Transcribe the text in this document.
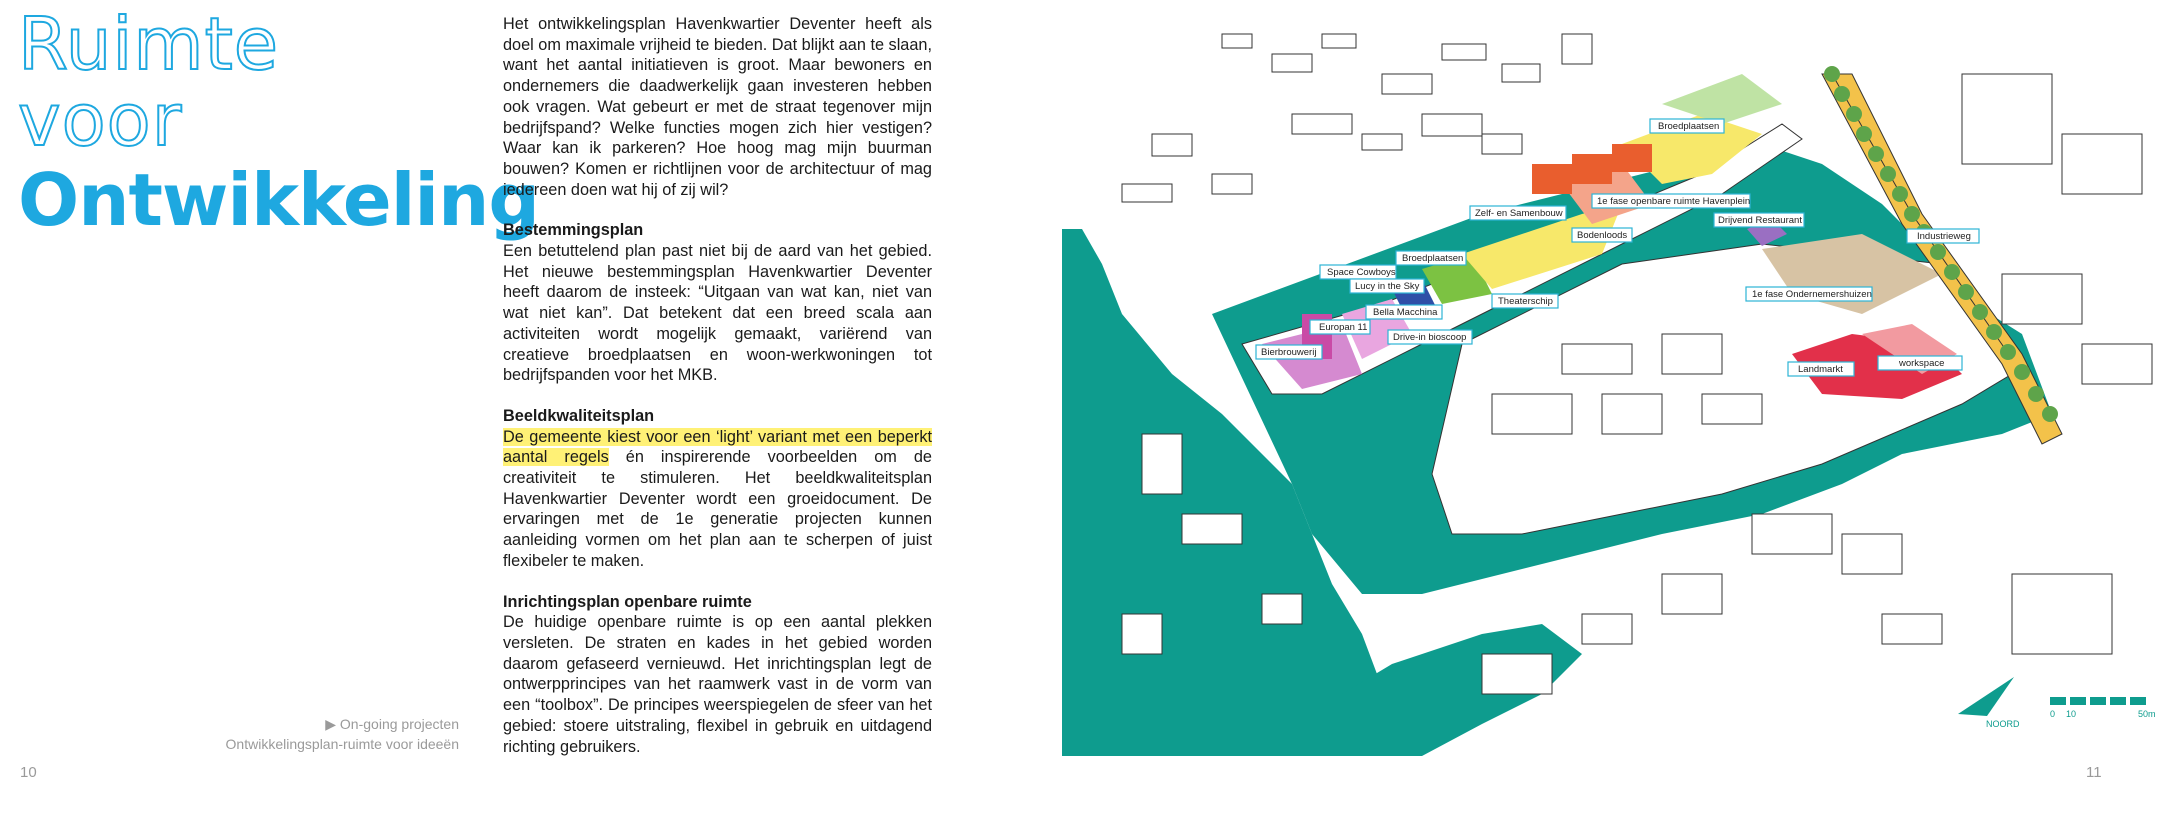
Ruimte
voor
Ontwikkeling
▶ On-going projecten
Ontwikkelingsplan-ruimte voor ideeën
10

Het ontwikkelingsplan Havenkwartier Deventer heeft als doel om maximale vrijheid te bieden. Dat blijkt aan te slaan, want het aantal initiatieven is groot. Maar bewoners en ondernemers die daadwerkelijk gaan investeren hebben ook vragen. Wat gebeurt er met de straat tegenover mijn bedrijfspand? Welke functies mogen zich hier vestigen? Waar kan ik parkeren? Hoe hoog mag mijn buurman bouwen? Komen er richtlijnen voor de architectuur of mag iedereen doen wat hij of zij wil?

Bestemmingsplan

Een betuttelend plan past niet bij de aard van het gebied. Het nieuwe bestemmingsplan Havenkwartier Deventer heeft daarom de insteek: “Uitgaan van wat kan, niet van wat niet kan”. Dat betekent dat een breed scala aan activiteiten wordt mogelijk gemaakt, variërend van creatieve broedplaatsen en woon-werkwoningen tot bedrijfspanden voor het MKB.

Beeldkwaliteitsplan

De gemeente kiest voor een ‘light’ variant met een beperkt aantal regels én inspirerende voorbeelden om de creativiteit te stimuleren. Het beeldkwaliteitsplan Havenkwartier Deventer wordt een groeidocument. De ervaringen met de 1e generatie projecten kunnen aanleiding vormen om het plan aan te scherpen of juist flexibeler te maken.

Inrichtingsplan openbare ruimte

De huidige openbare ruimte is op een aantal plekken versleten. De straten en kades in het gebied worden daarom gefaseerd vernieuwd. Het inrichtingsplan legt de ontwerpprincipes van het raamwerk vast in de vorm van een “toolbox”. De principes weerspiegelen de sfeer van het gebied: stoere uitstraling, flexibel in gebruik en uitdagend richting gebruikers.

Broedplaatsen
1e fase openbare ruimte Havenplein
Zelf- en Samenbouw
Drijvend Restaurant
Bodenloods	Industrieweg
Broedplaatsen
Space Cowboys
Lucy in the Sky
Theaterschip
1e fase Ondernemershuizen
Bella Macchina
Europan 11
Drive-in bioscoop
Bierbrouwerij
Landmarkt
workspace
NOORD
0 10	50m
11
